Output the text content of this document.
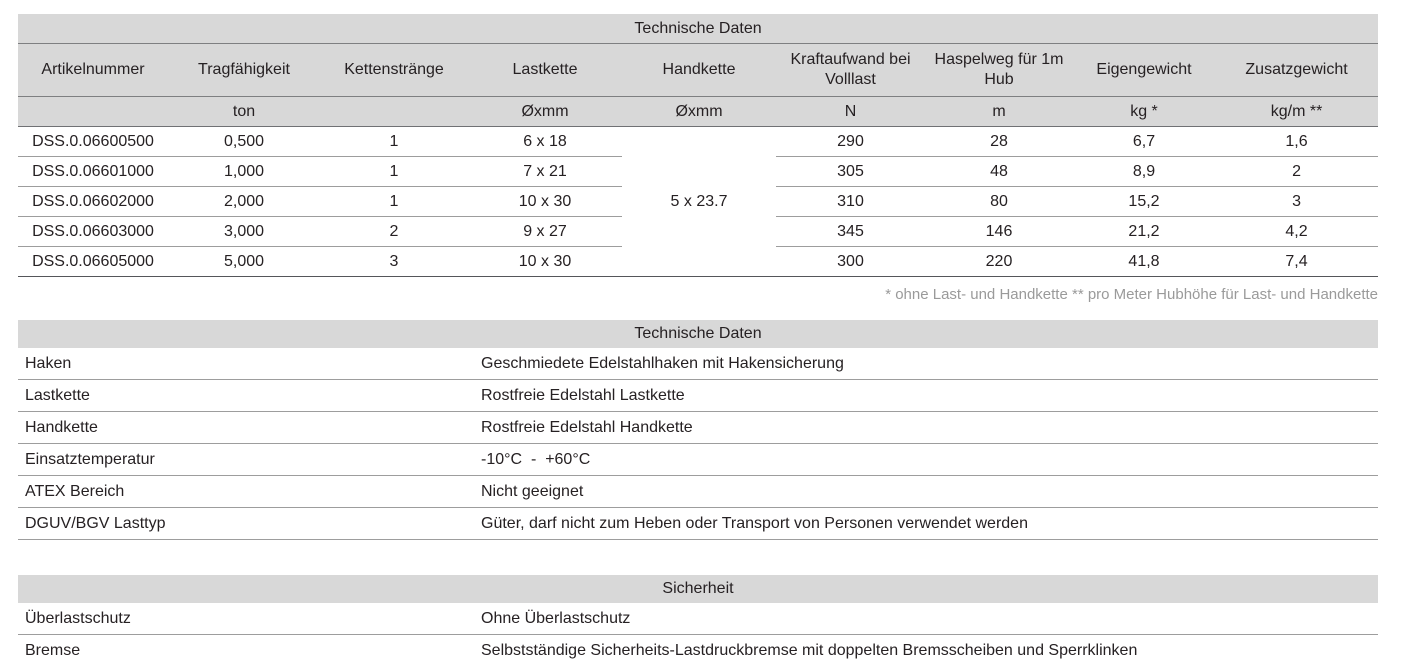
Technische Daten								
Artikelnummer	Tragfähigkeit	Kettenstränge	Lastkette	Handkette	Kraftaufwand bei Volllast	Haspelweg für 1m Hub	Eigengewicht	Zusatzgewicht
	ton		Øxmm	Øxmm	N	m	kg *	kg/m **
DSS.0.06600500	0,500	1	6 x 18	5 x 23.7	290	28	6,7	1,6
DSS.0.06601000	1,000	1	7 x 21		305	48	8,9	2
DSS.0.06602000	2,000	1	10 x 30		310	80	15,2	3
DSS.0.06603000	3,000	2	9 x 27		345	146	21,2	4,2
DSS.0.06605000	5,000	3	10 x 30		300	220	41,8	7,4
* ohne Last- und Handkette ** pro Meter Hubhöhe für Last- und Handkette
Technische Daten	
Haken	Geschmiedete Edelstahlhaken mit Hakensicherung
Lastkette	Rostfreie Edelstahl Lastkette
Handkette	Rostfreie Edelstahl Handkette
Einsatztemperatur	-10°C  -  +60°C
ATEX Bereich	Nicht geeignet
DGUV/BGV Lasttyp	Güter, darf nicht zum Heben oder Transport von Personen verwendet werden
Sicherheit	
Überlastschutz	Ohne Überlastschutz
Bremse	Selbstständige Sicherheits-Lastdruckbremse mit doppelten Bremsscheiben und Sperrklinken
